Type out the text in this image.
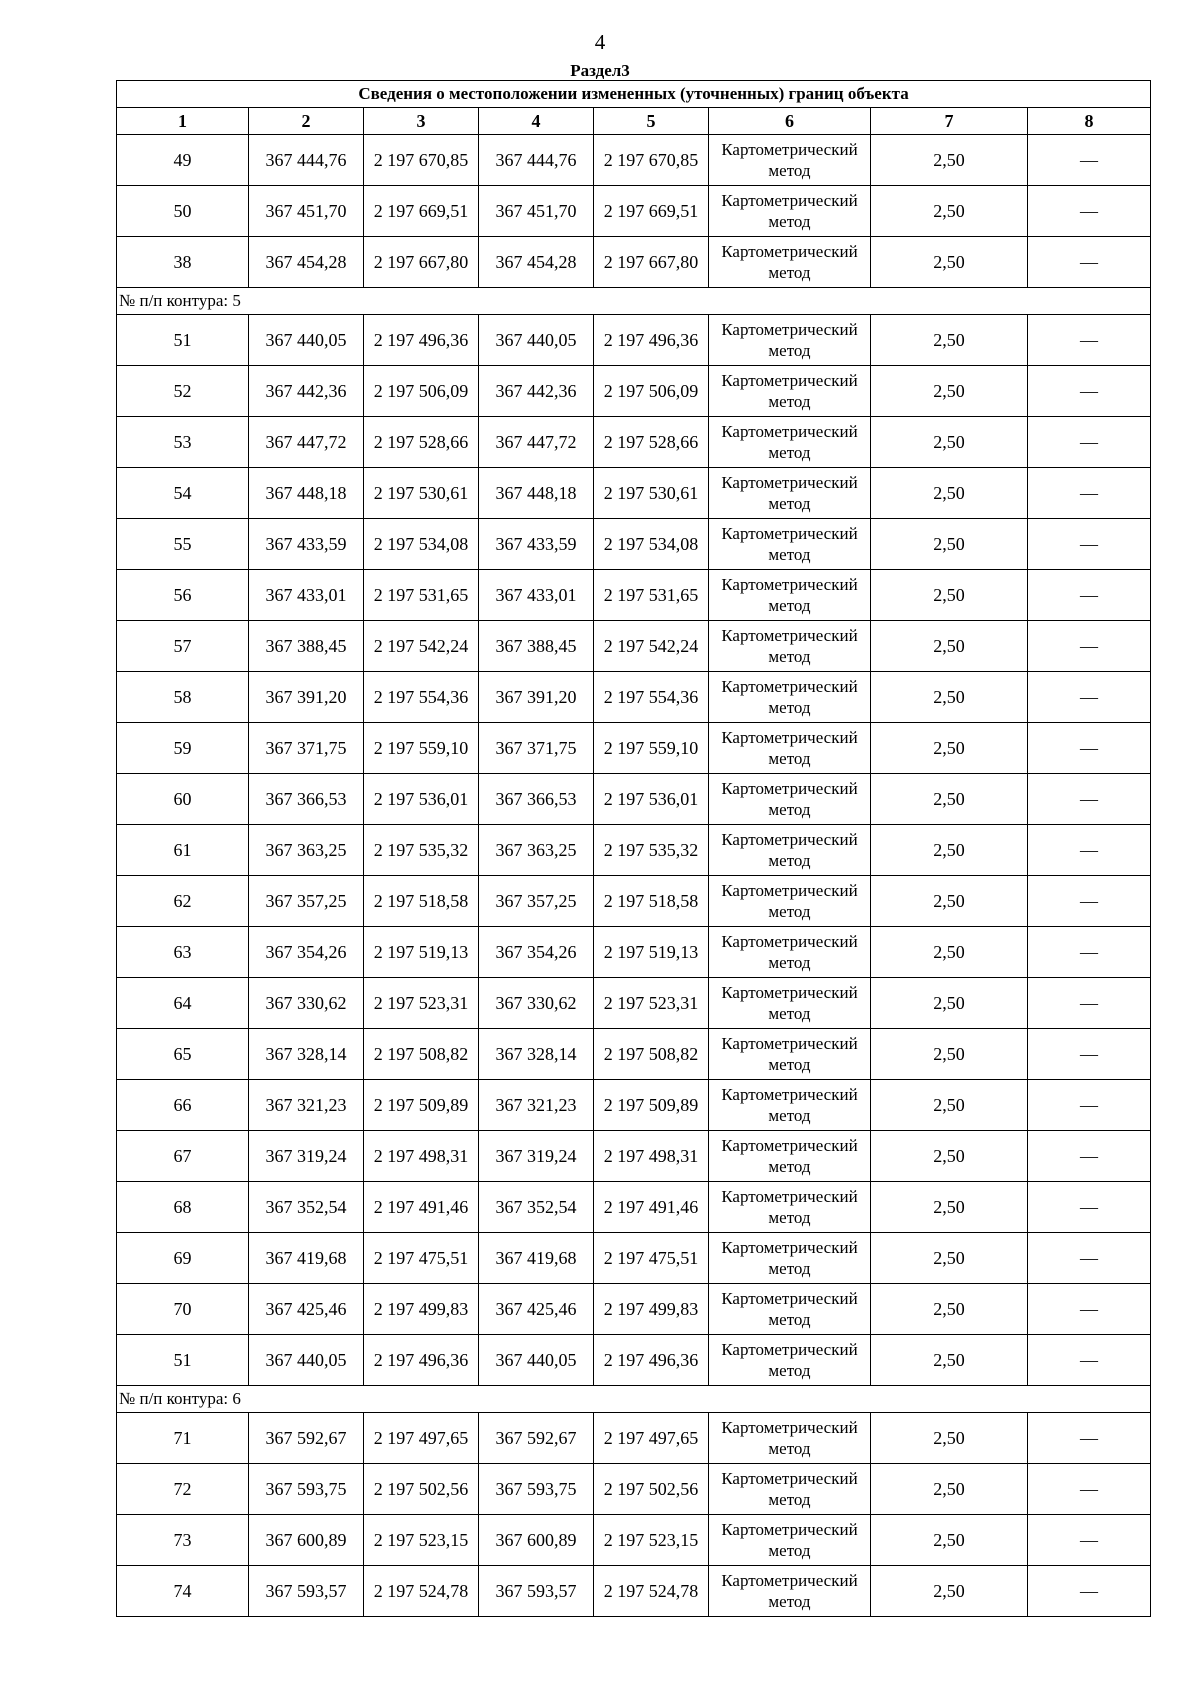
4
Раздел3
Сведения о местоположении измененных (уточненных) границ объекта							
1	2	3	4	5	6	7	8
49	367 444,76	2 197 670,85	367 444,76	2 197 670,85	Картометрический метод	2,50	—
50	367 451,70	2 197 669,51	367 451,70	2 197 669,51	Картометрический метод	2,50	—
38	367 454,28	2 197 667,80	367 454,28	2 197 667,80	Картометрический метод	2,50	—
№ п/п контура: 5							
51	367 440,05	2 197 496,36	367 440,05	2 197 496,36	Картометрический метод	2,50	—
52	367 442,36	2 197 506,09	367 442,36	2 197 506,09	Картометрический метод	2,50	—
53	367 447,72	2 197 528,66	367 447,72	2 197 528,66	Картометрический метод	2,50	—
54	367 448,18	2 197 530,61	367 448,18	2 197 530,61	Картометрический метод	2,50	—
55	367 433,59	2 197 534,08	367 433,59	2 197 534,08	Картометрический метод	2,50	—
56	367 433,01	2 197 531,65	367 433,01	2 197 531,65	Картометрический метод	2,50	—
57	367 388,45	2 197 542,24	367 388,45	2 197 542,24	Картометрический метод	2,50	—
58	367 391,20	2 197 554,36	367 391,20	2 197 554,36	Картометрический метод	2,50	—
59	367 371,75	2 197 559,10	367 371,75	2 197 559,10	Картометрический метод	2,50	—
60	367 366,53	2 197 536,01	367 366,53	2 197 536,01	Картометрический метод	2,50	—
61	367 363,25	2 197 535,32	367 363,25	2 197 535,32	Картометрический метод	2,50	—
62	367 357,25	2 197 518,58	367 357,25	2 197 518,58	Картометрический метод	2,50	—
63	367 354,26	2 197 519,13	367 354,26	2 197 519,13	Картометрический метод	2,50	—
64	367 330,62	2 197 523,31	367 330,62	2 197 523,31	Картометрический метод	2,50	—
65	367 328,14	2 197 508,82	367 328,14	2 197 508,82	Картометрический метод	2,50	—
66	367 321,23	2 197 509,89	367 321,23	2 197 509,89	Картометрический метод	2,50	—
67	367 319,24	2 197 498,31	367 319,24	2 197 498,31	Картометрический метод	2,50	—
68	367 352,54	2 197 491,46	367 352,54	2 197 491,46	Картометрический метод	2,50	—
69	367 419,68	2 197 475,51	367 419,68	2 197 475,51	Картометрический метод	2,50	—
70	367 425,46	2 197 499,83	367 425,46	2 197 499,83	Картометрический метод	2,50	—
51	367 440,05	2 197 496,36	367 440,05	2 197 496,36	Картометрический метод	2,50	—
№ п/п контура: 6							
71	367 592,67	2 197 497,65	367 592,67	2 197 497,65	Картометрический метод	2,50	—
72	367 593,75	2 197 502,56	367 593,75	2 197 502,56	Картометрический метод	2,50	—
73	367 600,89	2 197 523,15	367 600,89	2 197 523,15	Картометрический метод	2,50	—
74	367 593,57	2 197 524,78	367 593,57	2 197 524,78	Картометрический метод	2,50	—
